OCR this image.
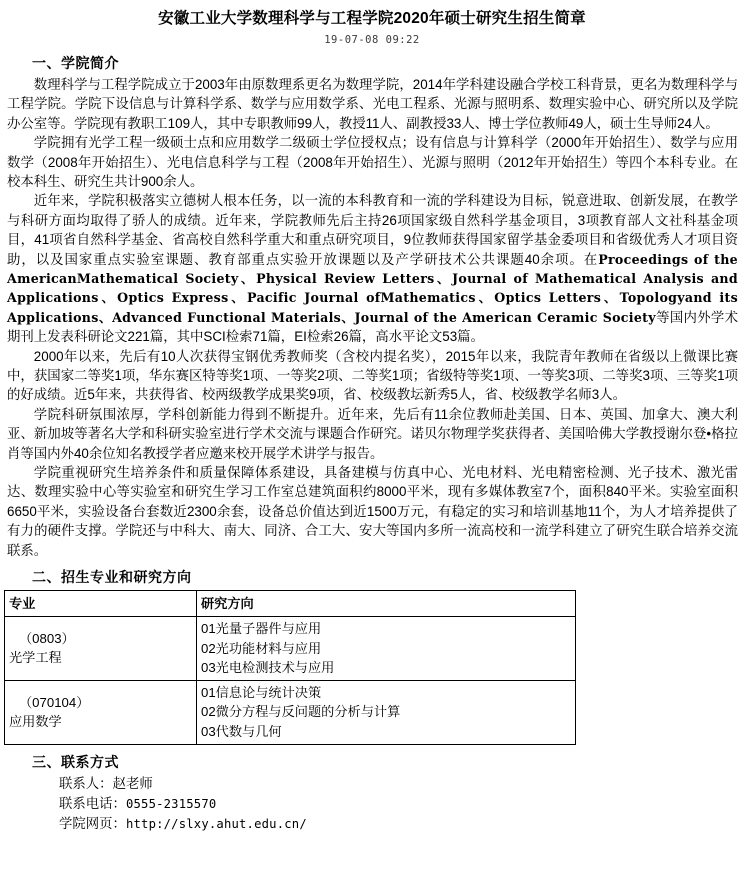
安徽工业大学数理科学与工程学院2020年硕士研究生招生简章
19-07-08 09:22
一、学院简介

数理科学与工程学院成立于2003年由原数理系更名为数理学院，2014年学科建设融合学校工科背景，更名为数理科学与工程学院。学院下设信息与计算科学系、数学与应用数学系、光电工程系、光源与照明系、数理实验中心、研究所以及学院办公室等。学院现有教职工109人，其中专职教师99人，教授11人、副教授33人、博士学位教师49人，硕士生导师24人。

学院拥有光学工程一级硕士点和应用数学二级硕士学位授权点；设有信息与计算科学（2000年开始招生）、数学与应用数学（2008年开始招生）、光电信息科学与工程（2008年开始招生）、光源与照明（2012年开始招生）等四个本科专业。在校本科生、研究生共计900余人。

近年来，学院积极落实立德树人根本任务，以一流的本科教育和一流的学科建设为目标，锐意进取、创新发展，在教学与科研方面均取得了骄人的成绩。近年来，学院教师先后主持26项国家级自然科学基金项目，3项教育部人文社科基金项目，41项省自然科学基金、省高校自然科学重大和重点研究项目，9位教师获得国家留学基金委项目和省级优秀人才项目资助，以及国家重点实验室课题、教育部重点实验开放课题以及产学研技术公共课题40余项。在Proceedings of the AmericanMathematical Society、Physical Review Letters、Journal of Mathematical Analysis and Applications、Optics Express、Pacific Journal ofMathematics、Optics Letters、Topologyand its Applications、Advanced Functional Materials、Journal of the American Ceramic Society等国内外学术期刊上发表科研论文221篇，其中SCI检索71篇，EI检索26篇，高水平论文53篇。

2000年以来，先后有10人次获得宝钢优秀教师奖（含校内提名奖），2015年以来，我院青年教师在省级以上微课比赛中，获国家二等奖1项，华东赛区特等奖1项、一等奖2项、二等奖1项；省级特等奖1项、一等奖3项、二等奖3项、三等奖1项的好成绩。近5年来，共获得省、校两级教学成果奖9项，省、校级教坛新秀5人，省、校级教学名师3人。

学院科研氛围浓厚，学科创新能力得到不断提升。近年来，先后有11余位教师赴美国、日本、英国、加拿大、澳大利亚、新加坡等著名大学和科研实验室进行学术交流与课题合作研究。诺贝尔物理学奖获得者、美国哈佛大学教授谢尔登•格拉肖等国内外40余位知名教授学者应邀来校开展学术讲学与报告。

学院重视研究生培养条件和质量保障体系建设，具备建模与仿真中心、光电材料、光电精密检测、光子技术、激光雷达、数理实验中心等实验室和研究生学习工作室总建筑面积约8000平米，现有多媒体教室7个，面积840平米。实验室面积6650平米，实验设备台套数近2300余套，设备总价值达到近1500万元，有稳定的实习和培训基地11个，为人才培养提供了有力的硬件支撑。学院还与中科大、南大、同济、合工大、安大等国内多所一流高校和一流学科建立了研究生联合培养交流联系。

二、招生专业和研究方向
专业	研究方向

（0803）
光学工程	01光量子器件与应用
02光功能材料与应用
03光电检测技术与应用

（070104）
应用数学	01信息论与统计决策
02微分方程与反问题的分析与计算
03代数与几何
三、联系方式
联系人：赵老师
联系电话：0555-2315570
学院网页：http://slxy.ahut.edu.cn/
